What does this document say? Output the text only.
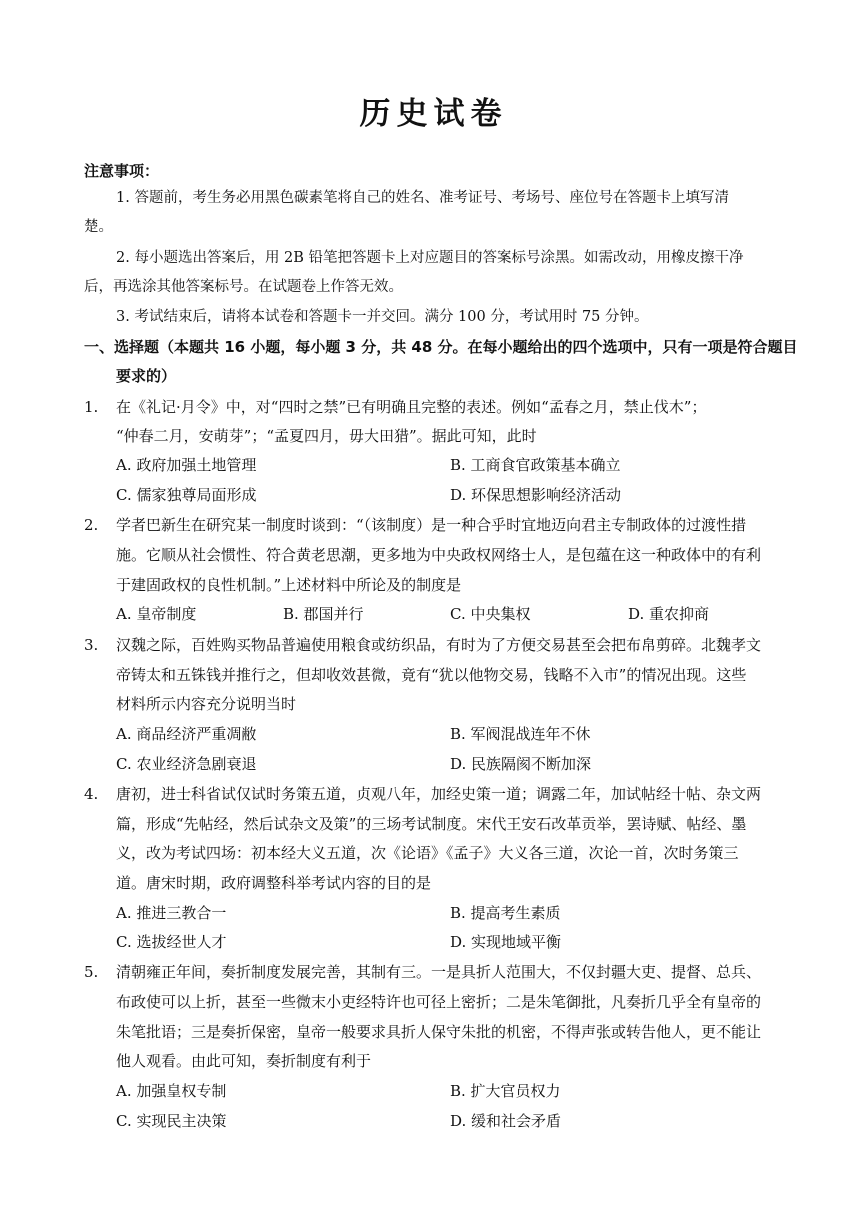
历史试卷
注意事项：
1. 答题前，考生务必用黑色碳素笔将自己的姓名、准考证号、考场号、座位号在答题卡上填写清
楚。
2. 每小题选出答案后，用 2B 铅笔把答题卡上对应题目的答案标号涂黑。如需改动，用橡皮擦干净
后，再选涂其他答案标号。在试题卷上作答无效。
3. 考试结束后，请将本试卷和答题卡一并交回。满分 100 分，考试用时 75 分钟。
一、选择题（本题共 16 小题，每小题 3 分，共 48 分。在每小题给出的四个选项中，只有一项是符合题目
要求的）
1. 在《礼记·月令》中，对“四时之禁”已有明确且完整的表述。例如“孟春之月，禁止伐木”；
“仲春二月，安萌芽”；“孟夏四月，毋大田猎”。据此可知，此时
A. 政府加强土地管理	B. 工商食官政策基本确立
C. 儒家独尊局面形成	D. 环保思想影响经济活动
2. 学者巴新生在研究某一制度时谈到：“（该制度）是一种合乎时宜地迈向君主专制政体的过渡性措
施。它顺从社会惯性、符合黄老思潮，更多地为中央政权网络士人，是包蕴在这一种政体中的有利
于建固政权的良性机制。”上述材料中所论及的制度是
A. 皇帝制度	B. 郡国并行	C. 中央集权	D. 重农抑商
3. 汉魏之际，百姓购买物品普遍使用粮食或纺织品，有时为了方便交易甚至会把布帛剪碎。北魏孝文
帝铸太和五铢钱并推行之，但却收效甚微，竟有“犹以他物交易，钱略不入市”的情况出现。这些
材料所示内容充分说明当时
A. 商品经济严重凋敝	B. 军阀混战连年不休
C. 农业经济急剧衰退	D. 民族隔阂不断加深
4. 唐初，进士科省试仅试时务策五道，贞观八年，加经史策一道；调露二年，加试帖经十帖、杂文两
篇，形成“先帖经，然后试杂文及策”的三场考试制度。宋代王安石改革贡举，罢诗赋、帖经、墨
义，改为考试四场：初本经大义五道，次《论语》《孟子》大义各三道，次论一首，次时务策三
道。唐宋时期，政府调整科举考试内容的目的是
A. 推进三教合一	B. 提高考生素质
C. 选拔经世人才	D. 实现地域平衡
5. 清朝雍正年间，奏折制度发展完善，其制有三。一是具折人范围大，不仅封疆大吏、提督、总兵、
布政使可以上折，甚至一些微末小吏经特许也可径上密折；二是朱笔御批，凡奏折几乎全有皇帝的
朱笔批语；三是奏折保密，皇帝一般要求具折人保守朱批的机密，不得声张或转告他人，更不能让
他人观看。由此可知，奏折制度有利于
A. 加强皇权专制	B. 扩大官员权力
C. 实现民主决策	D. 缓和社会矛盾
